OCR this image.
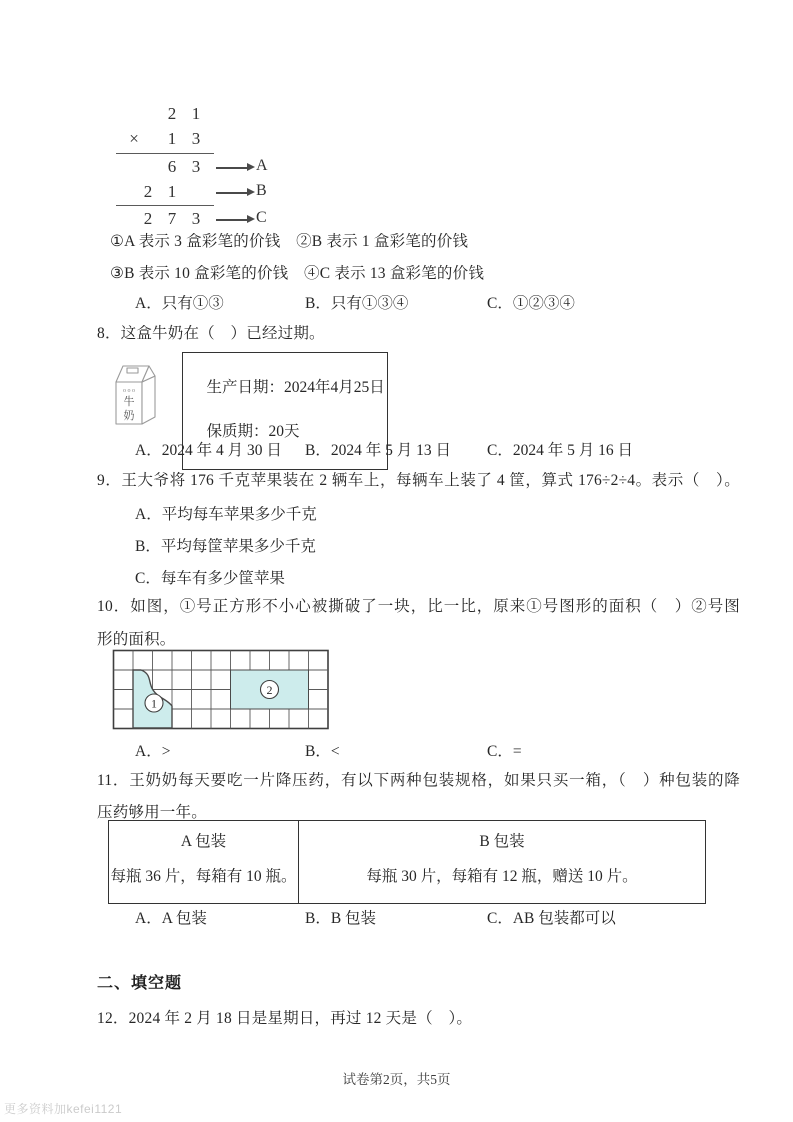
2 1
×	1 3
6 3	A
2 1	B
2 7 3	C
①A 表示 3 盒彩笔的价钱　②B 表示 1 盒彩笔的价钱
③B 表示 10 盒彩笔的价钱　④C 表示 13 盒彩笔的价钱
A．只有①③	B．只有①③④	C．①②③④
8．这盒牛奶在（　）已经过期。
o o o
牛
奶

生产日期：2024年4月25日

保质期：20天

A．2024 年 4 月 30 日 B．2024 年 5 月 13 日 C．2024 年 5 月 16 日
9．王大爷将 176 千克苹果装在 2 辆车上，每辆车上装了 4 筐，算式 176÷2÷4。表示（　）。
A．平均每车苹果多少千克
B．平均每筐苹果多少千克
C．每车有多少筐苹果
10．如图，①号正方形不小心被撕破了一块，比一比，原来①号图形的面积（　）②号图
形的面积。
1
2
A．>	B．<	C．=
11．王奶奶每天要吃一片降压药，有以下两种包装规格，如果只买一箱，（　）种包装的降
压药够用一年。
A 包装
每瓶 36 片，每箱有 10 瓶。
B 包装
每瓶 30 片，每箱有 12 瓶，赠送 10 片。
A．A 包装	B．B 包装	C．AB 包装都可以
二、填空题
12．2024 年 2 月 18 日是星期日，再过 12 天是（　）。
试卷第2页，共5页
更多资料加kefei1121
